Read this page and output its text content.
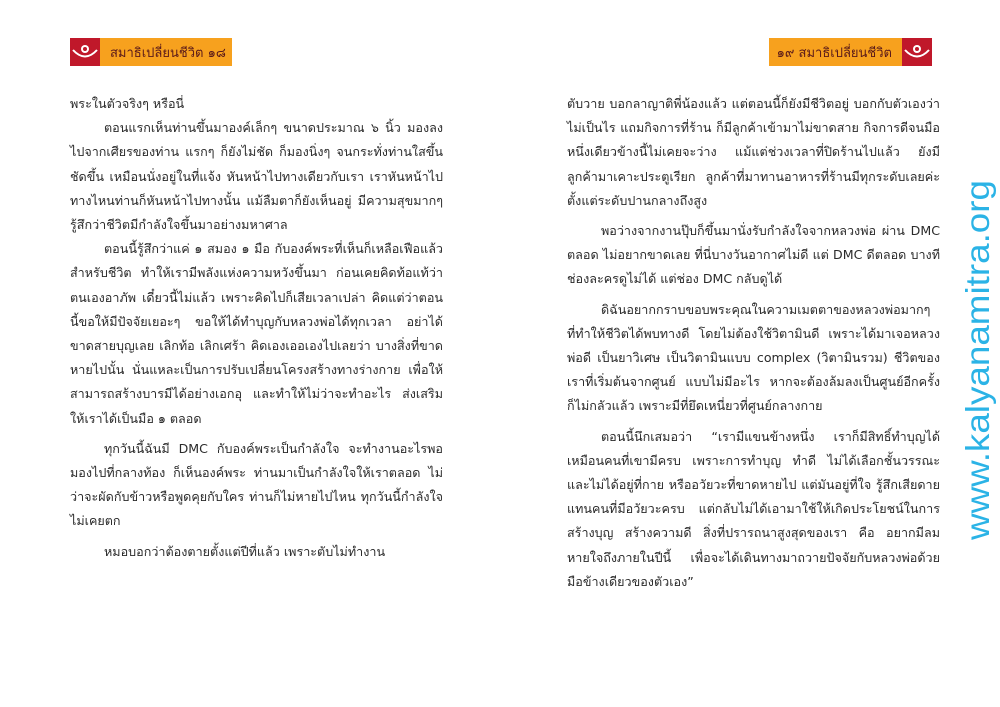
สมาธิเปลี่ยนชีวิต ๑๘	๑๙ สมาธิเปลี่ยนชีวิต

พระในตัวจริงๆ หรือนี่

ตอนแรกเห็นท่านขึ้นมาองค์เล็กๆ ขนาดประมาณ ๖ นิ้ว มองลงไปจากเศียรของท่าน แรกๆ ก็ยังไม่ชัด ก็มองนิ่งๆ จนกระทั่งท่านใสขึ้น ชัดขึ้น เหมือนนั่งอยู่ในที่แจ้ง หันหน้าไปทางเดียวกับเรา เราหันหน้าไปทางไหนท่านก็หันหน้าไปทางนั้น แม้ลืมตาก็ยังเห็นอยู่ มีความสุขมากๆ รู้สึกว่าชีวิตมีกำลังใจขึ้นมาอย่างมหาศาล

ตอนนี้รู้สึกว่าแค่ ๑ สมอง ๑ มือ กับองค์พระที่เห็นก็เหลือเฟือแล้วสำหรับชีวิต ทำให้เรามีพลังแห่งความหวังขึ้นมา ก่อนเคยคิดท้อแท้ว่าตนเองอาภัพ เดี๋ยวนี้ไม่แล้ว เพราะคิดไปก็เสียเวลาเปล่า คิดแต่ว่าตอนนี้ขอให้มีปัจจัยเยอะๆ ขอให้ได้ทำบุญกับหลวงพ่อได้ทุกเวลา อย่าได้ขาดสายบุญเลย เลิกท้อ เลิกเศร้า คิดเองเออเองไปเลยว่า บางสิ่งที่ขาดหายไปนั้น นั่นแหละเป็นการปรับเปลี่ยนโครงสร้างทางร่างกาย เพื่อให้สามารถสร้างบารมีได้อย่างเอกอุ และทำให้ไม่ว่าจะทำอะไร ส่งเสริมให้เราได้เป็นมือ ๑ ตลอด

ทุกวันนี้ฉันมี DMC กับองค์พระเป็นกำลังใจ จะทำงานอะไรพอมองไปที่กลางท้อง ก็เห็นองค์พระ ท่านมาเป็นกำลังใจให้เราตลอด ไม่ว่าจะผัดกับข้าวหรือพูดคุยกับใคร ท่านก็ไม่หายไปไหน ทุกวันนี้กำลังใจไม่เคยตก

หมอบอกว่าต้องตายตั้งแต่ปีที่แล้ว เพราะตับไม่ทำงาน

ตับวาย บอกลาญาติพี่น้องแล้ว แต่ตอนนี้ก็ยังมีชีวิตอยู่ บอกกับตัวเองว่าไม่เป็นไร แถมกิจการที่ร้าน ก็มีลูกค้าเข้ามาไม่ขาดสาย กิจการดีจนมือหนึ่งเดียวข้างนี้ไม่เคยจะว่าง แม้แต่ช่วงเวลาที่ปิดร้านไปแล้ว ยังมีลูกค้ามาเคาะประตูเรียก ลูกค้าที่มาทานอาหารที่ร้านมีทุกระดับเลยค่ะ ตั้งแต่ระดับปานกลางถึงสูง

พอว่างจากงานปุ๊บก็ขึ้นมานั่งรับกำลังใจจากหลวงพ่อ ผ่าน DMC ตลอด ไม่อยากขาดเลย ที่นี่บางวันอากาศไม่ดี แต่ DMC ดีตลอด บางทีช่องละครดูไม่ได้ แต่ช่อง DMC กลับดูได้

ดิฉันอยากกราบขอบพระคุณในความเมตตาของหลวงพ่อมากๆ ที่ทำให้ชีวิตได้พบทางดี โดยไม่ต้องใช้วิตามินดี เพราะได้มาเจอหลวงพ่อดี เป็นยาวิเศษ เป็นวิตามินแบบ complex (วิตามินรวม) ชีวิตของเราที่เริ่มต้นจากศูนย์ แบบไม่มีอะไร หากจะต้องล้มลงเป็นศูนย์อีกครั้ง ก็ไม่กลัวแล้ว เพราะมีที่ยึดเหนี่ยวที่ศูนย์กลางกาย

ตอนนี้นึกเสมอว่า “เรามีแขนข้างหนึ่ง เราก็มีสิทธิ์ทำบุญได้เหมือนคนที่เขามีครบ เพราะการทำบุญ ทำดี ไม่ได้เลือกชั้นวรรณะ และไม่ได้อยู่ที่กาย หรืออวัยวะที่ขาดหายไป แต่มันอยู่ที่ใจ รู้สึกเสียดายแทนคนที่มีอวัยวะครบ แต่กลับไม่ได้เอามาใช้ให้เกิดประโยชน์ในการสร้างบุญ สร้างความดี สิ่งที่ปรารถนาสูงสุดของเรา คือ อยากมีลมหายใจถึงภายในปีนี้ เพื่อจะได้เดินทางมาถวายปัจจัยกับหลวงพ่อด้วยมือข้างเดียวของตัวเอง”

www.kalyanamitra.org
